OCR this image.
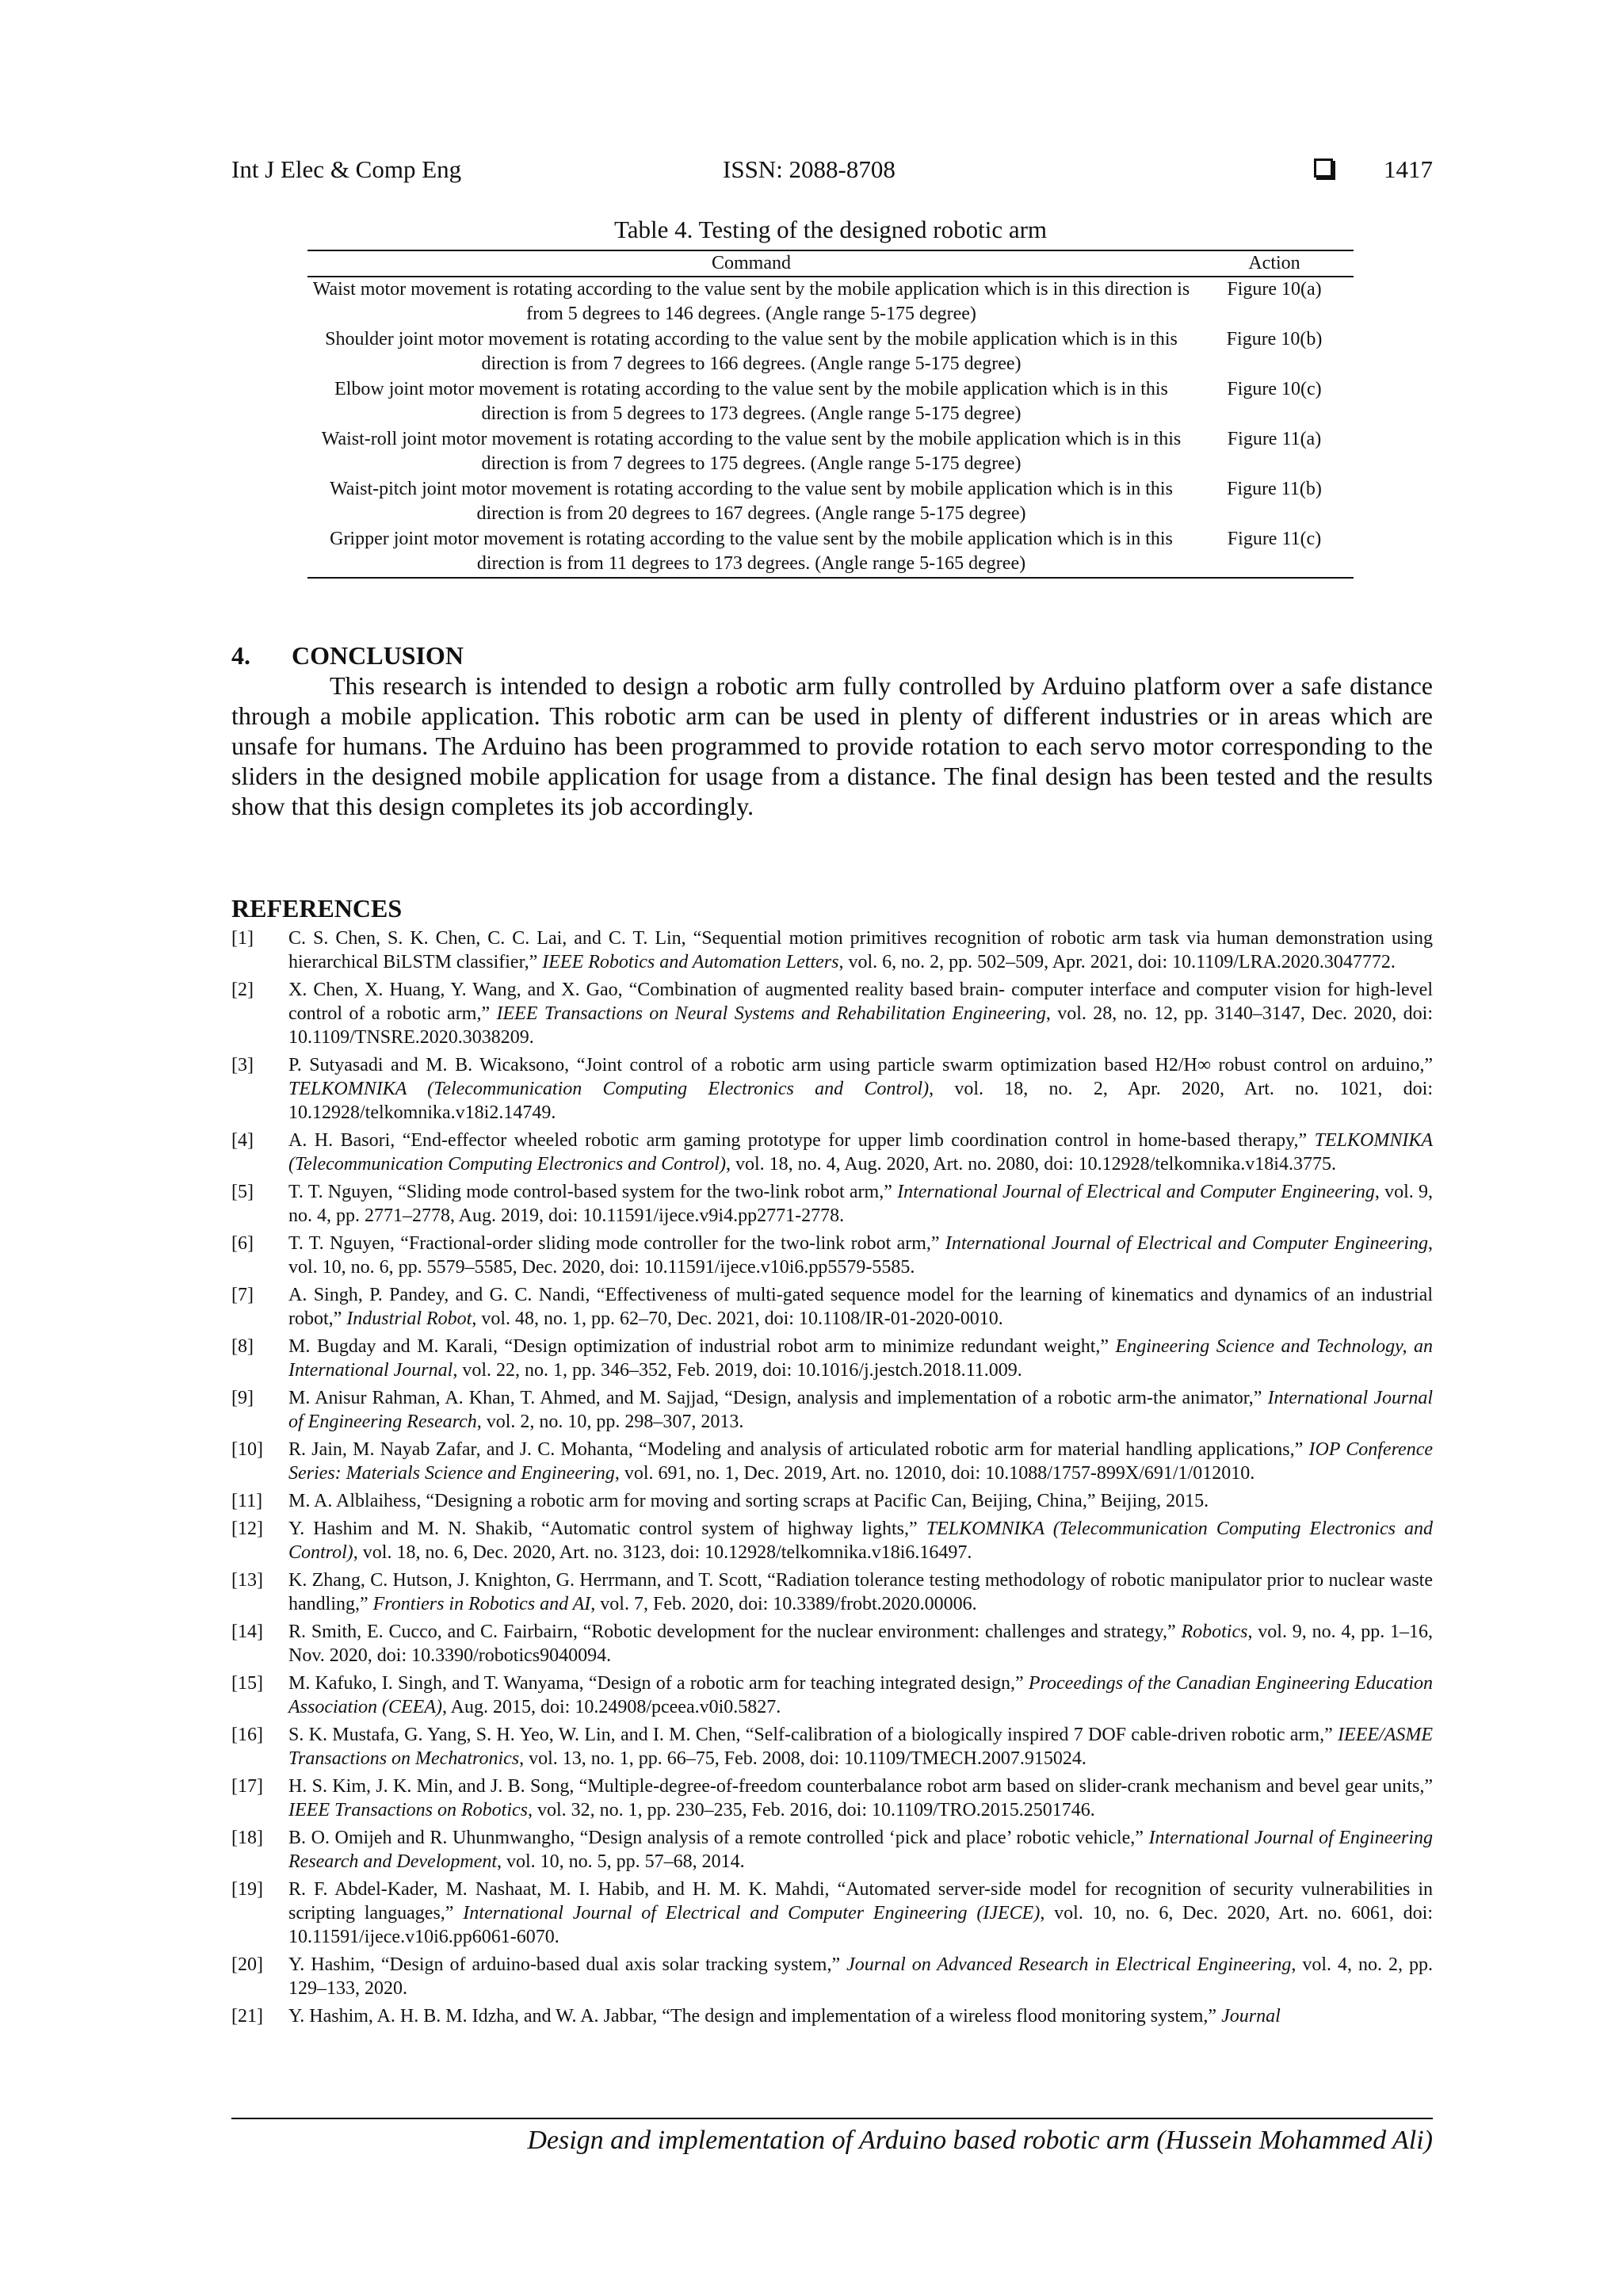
Int J Elec & Comp Eng	ISSN: 2088-8708	1417
Table 4. Testing of the designed robotic arm
Command	Action
Waist motor movement is rotating according to the value sent by the mobile application which is in this direction is from 5 degrees to 146 degrees. (Angle range 5-175 degree)	Figure 10(a)
Shoulder joint motor movement is rotating according to the value sent by the mobile application which is in this direction is from 7 degrees to 166 degrees. (Angle range 5-175 degree)	Figure 10(b)
Elbow joint motor movement is rotating according to the value sent by the mobile application which is in this direction is from 5 degrees to 173 degrees. (Angle range 5-175 degree)	Figure 10(c)
Waist-roll joint motor movement is rotating according to the value sent by the mobile application which is in this direction is from 7 degrees to 175 degrees. (Angle range 5-175 degree)	Figure 11(a)
Waist-pitch joint motor movement is rotating according to the value sent by mobile application which is in this direction is from 20 degrees to 167 degrees. (Angle range 5-175 degree)	Figure 11(b)
Gripper joint motor movement is rotating according to the value sent by the mobile application which is in this direction is from 11 degrees to 173 degrees. (Angle range 5-165 degree)	Figure 11(c)
4. CONCLUSION

This research is intended to design a robotic arm fully controlled by Arduino platform over a safe distance through a mobile application. This robotic arm can be used in plenty of different industries or in areas which are unsafe for humans. The Arduino has been programmed to provide rotation to each servo motor corresponding to the sliders in the designed mobile application for usage from a distance. The final design has been tested and the results show that this design completes its job accordingly.

REFERENCES
[1]	C. S. Chen, S. K. Chen, C. C. Lai, and C. T. Lin, “Sequential motion primitives recognition of robotic arm task via human demonstration using hierarchical BiLSTM classifier,” IEEE Robotics and Automation Letters, vol. 6, no. 2, pp. 502–509, Apr. 2021, doi: 10.1109/LRA.2020.3047772.
[2]	X. Chen, X. Huang, Y. Wang, and X. Gao, “Combination of augmented reality based brain- computer interface and computer vision for high-level control of a robotic arm,” IEEE Transactions on Neural Systems and Rehabilitation Engineering, vol. 28, no. 12, pp. 3140–3147, Dec. 2020, doi: 10.1109/TNSRE.2020.3038209.
[3]	P. Sutyasadi and M. B. Wicaksono, “Joint control of a robotic arm using particle swarm optimization based H2/H∞ robust control on arduino,” TELKOMNIKA (Telecommunication Computing Electronics and Control), vol. 18, no. 2, Apr. 2020, Art. no. 1021, doi: 10.12928/telkomnika.v18i2.14749.
[4]	A. H. Basori, “End-effector wheeled robotic arm gaming prototype for upper limb coordination control in home-based therapy,” TELKOMNIKA (Telecommunication Computing Electronics and Control), vol. 18, no. 4, Aug. 2020, Art. no. 2080, doi: 10.12928/telkomnika.v18i4.3775.
[5]	T. T. Nguyen, “Sliding mode control-based system for the two-link robot arm,” International Journal of Electrical and Computer Engineering, vol. 9, no. 4, pp. 2771–2778, Aug. 2019, doi: 10.11591/ijece.v9i4.pp2771-2778.
[6]	T. T. Nguyen, “Fractional-order sliding mode controller for the two-link robot arm,” International Journal of Electrical and Computer Engineering, vol. 10, no. 6, pp. 5579–5585, Dec. 2020, doi: 10.11591/ijece.v10i6.pp5579-5585.
[7]	A. Singh, P. Pandey, and G. C. Nandi, “Effectiveness of multi-gated sequence model for the learning of kinematics and dynamics of an industrial robot,” Industrial Robot, vol. 48, no. 1, pp. 62–70, Dec. 2021, doi: 10.1108/IR-01-2020-0010.
[8]	M. Bugday and M. Karali, “Design optimization of industrial robot arm to minimize redundant weight,” Engineering Science and Technology, an International Journal, vol. 22, no. 1, pp. 346–352, Feb. 2019, doi: 10.1016/j.jestch.2018.11.009.
[9]	M. Anisur Rahman, A. Khan, T. Ahmed, and M. Sajjad, “Design, analysis and implementation of a robotic arm-the animator,” International Journal of Engineering Research, vol. 2, no. 10, pp. 298–307, 2013.
[10]	R. Jain, M. Nayab Zafar, and J. C. Mohanta, “Modeling and analysis of articulated robotic arm for material handling applications,” IOP Conference Series: Materials Science and Engineering, vol. 691, no. 1, Dec. 2019, Art. no. 12010, doi: 10.1088/1757-899X/691/1/012010.
[11]	M. A. Alblaihess, “Designing a robotic arm for moving and sorting scraps at Pacific Can, Beijing, China,” Beijing, 2015.
[12]	Y. Hashim and M. N. Shakib, “Automatic control system of highway lights,” TELKOMNIKA (Telecommunication Computing Electronics and Control), vol. 18, no. 6, Dec. 2020, Art. no. 3123, doi: 10.12928/telkomnika.v18i6.16497.
[13]	K. Zhang, C. Hutson, J. Knighton, G. Herrmann, and T. Scott, “Radiation tolerance testing methodology of robotic manipulator prior to nuclear waste handling,” Frontiers in Robotics and AI, vol. 7, Feb. 2020, doi: 10.3389/frobt.2020.00006.
[14]	R. Smith, E. Cucco, and C. Fairbairn, “Robotic development for the nuclear environment: challenges and strategy,” Robotics, vol. 9, no. 4, pp. 1–16, Nov. 2020, doi: 10.3390/robotics9040094.
[15]	M. Kafuko, I. Singh, and T. Wanyama, “Design of a robotic arm for teaching integrated design,” Proceedings of the Canadian Engineering Education Association (CEEA), Aug. 2015, doi: 10.24908/pceea.v0i0.5827.
[16]	S. K. Mustafa, G. Yang, S. H. Yeo, W. Lin, and I. M. Chen, “Self-calibration of a biologically inspired 7 DOF cable-driven robotic arm,” IEEE/ASME Transactions on Mechatronics, vol. 13, no. 1, pp. 66–75, Feb. 2008, doi: 10.1109/TMECH.2007.915024.
[17]	H. S. Kim, J. K. Min, and J. B. Song, “Multiple-degree-of-freedom counterbalance robot arm based on slider-crank mechanism and bevel gear units,” IEEE Transactions on Robotics, vol. 32, no. 1, pp. 230–235, Feb. 2016, doi: 10.1109/TRO.2015.2501746.
[18]	B. O. Omijeh and R. Uhunmwangho, “Design analysis of a remote controlled ‘pick and place’ robotic vehicle,” International Journal of Engineering Research and Development, vol. 10, no. 5, pp. 57–68, 2014.
[19]	R. F. Abdel-Kader, M. Nashaat, M. I. Habib, and H. M. K. Mahdi, “Automated server-side model for recognition of security vulnerabilities in scripting languages,” International Journal of Electrical and Computer Engineering (IJECE), vol. 10, no. 6, Dec. 2020, Art. no. 6061, doi: 10.11591/ijece.v10i6.pp6061-6070.
[20]	Y. Hashim, “Design of arduino-based dual axis solar tracking system,” Journal on Advanced Research in Electrical Engineering, vol. 4, no. 2, pp. 129–133, 2020.
[21]	Y. Hashim, A. H. B. M. Idzha, and W. A. Jabbar, “The design and implementation of a wireless flood monitoring system,” Journal
Design and implementation of Arduino based robotic arm (Hussein Mohammed Ali)
